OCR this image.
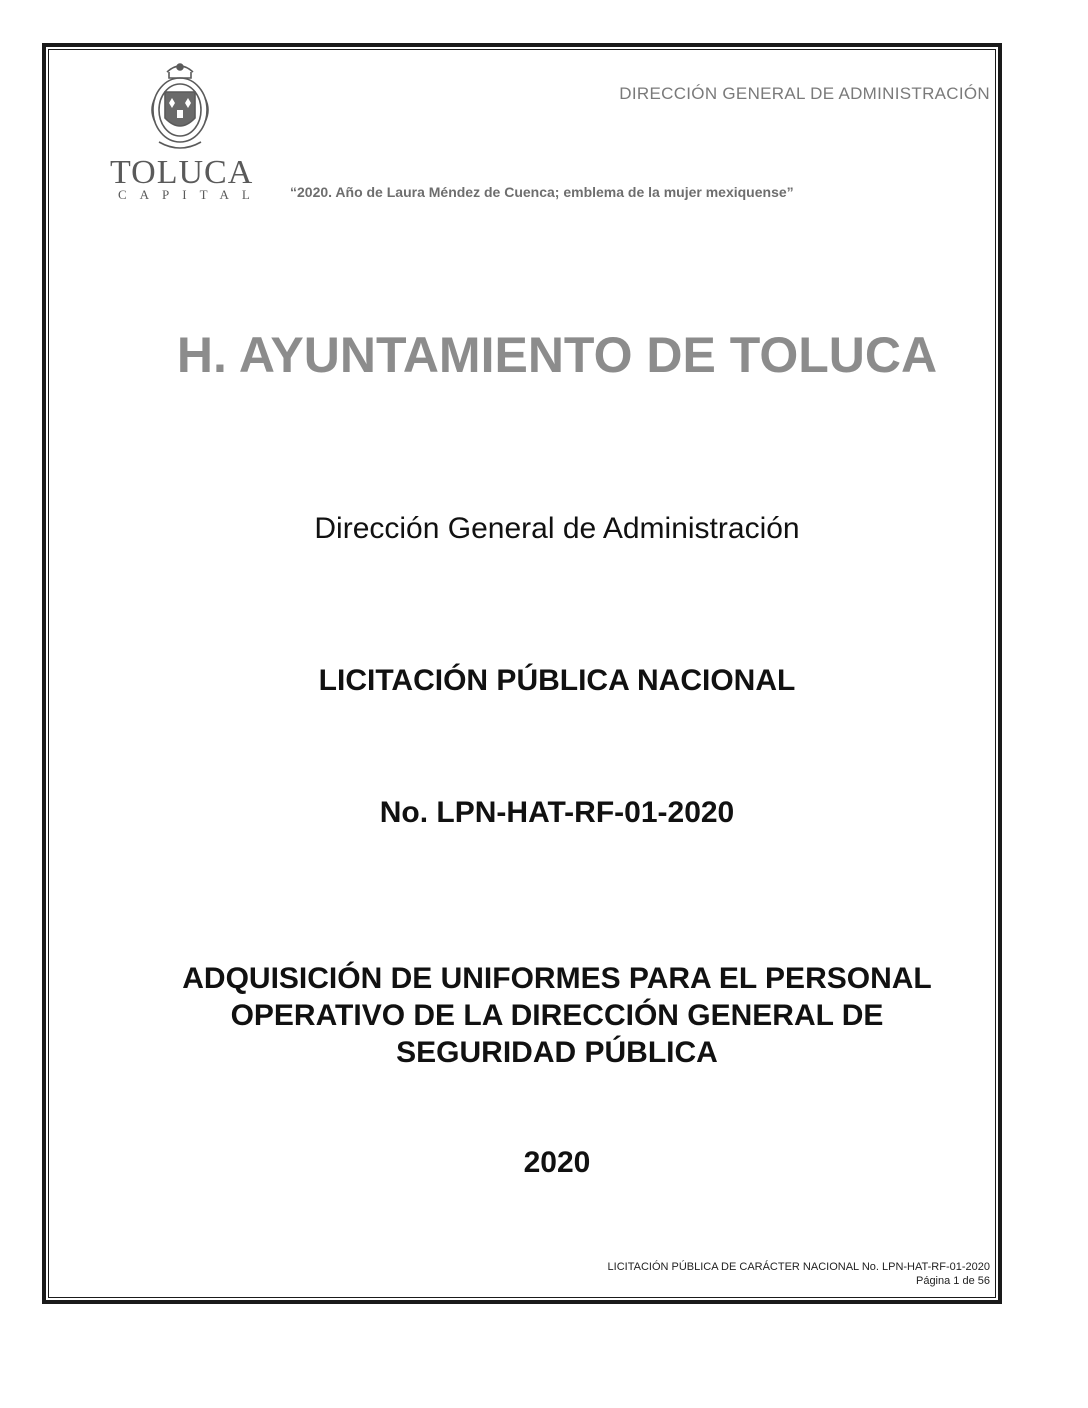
TOLUCA
CAPITAL
DIRECCIÓN GENERAL DE ADMINISTRACIÓN
“2020. Año de Laura Méndez de Cuenca; emblema de la mujer mexiquense”
H. AYUNTAMIENTO DE TOLUCA
Dirección General de Administración
LICITACIÓN PÚBLICA NACIONAL
No. LPN-HAT-RF-01-2020
ADQUISICIÓN DE UNIFORMES PARA EL PERSONAL
OPERATIVO DE LA DIRECCIÓN GENERAL DE
SEGURIDAD PÚBLICA
2020
LICITACIÓN PÚBLICA DE CARÁCTER NACIONAL No. LPN-HAT-RF-01-2020
Página 1 de 56
